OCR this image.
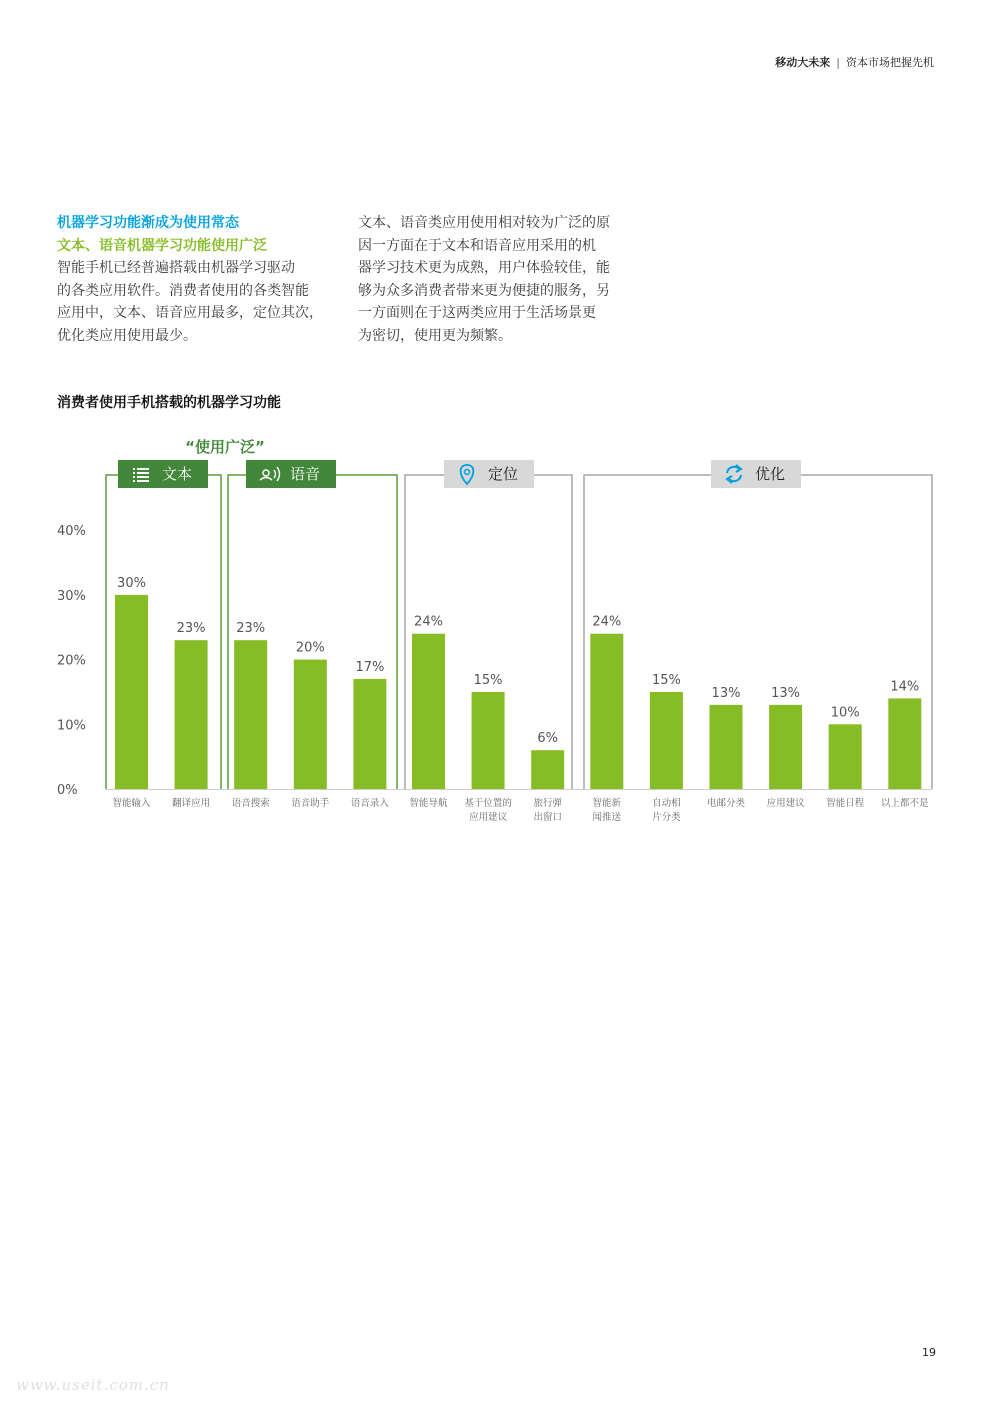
移动大未来 | 资本市场把握先机
机器学习功能渐成为使用常态
文本、语音机器学习功能使用广泛
智能手机已经普遍搭载由机器学习驱动
的各类应用软件。消费者使用的各类智能
应用中，文本、语音应用最多，定位其次，
优化类应用使用最少。
文本、语音类应用使用相对较为广泛的原
因一方面在于文本和语音应用采用的机
器学习技术更为成熟，用户体验较佳，能
够为众多消费者带来更为便捷的服务，另
一方面则在于这两类应用于生活场景更
为密切，使用更为频繁。
消费者使用手机搭载的机器学习功能
0%
10%
20%
30%
40%
“使用广泛”
文本	语音	定位	优化
30%
智能输入
23%
翻译应用
23%
语音搜索
20%
语音助手
17%
语音录入
24%
智能导航
15%
基于位置的
应用建议
6%
旅行弹
出窗口
24%
智能新
闻推送
15%
自动相
片分类
13%
电邮分类
13%
应用建议
10%
智能日程
14%
以上都不是
19
www.useit.com.cn
